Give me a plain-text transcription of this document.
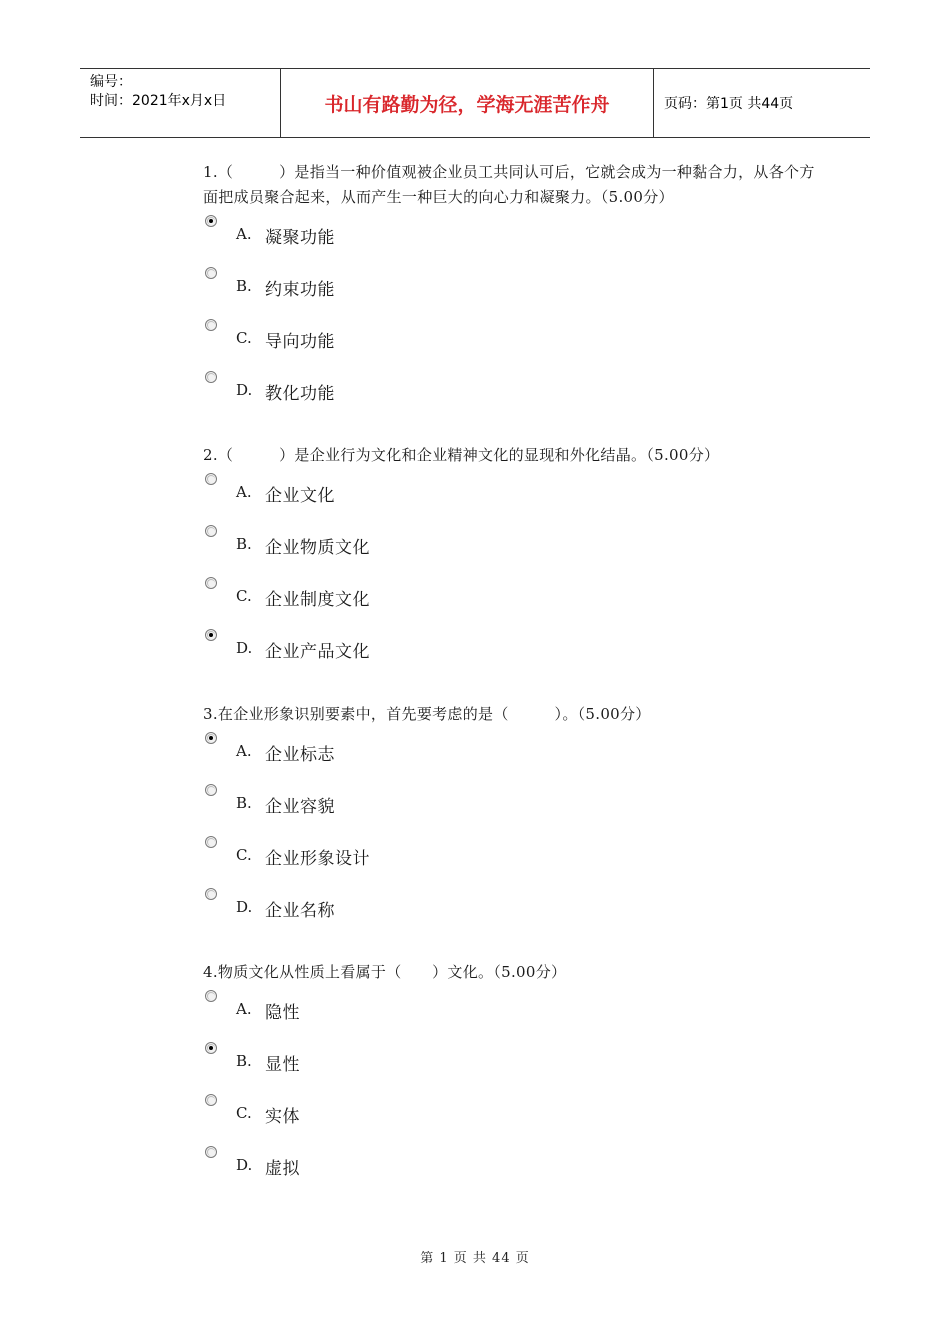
编号：
时间：2021年x月x日	书山有路勤为径，学海无涯苦作舟	页码：第1页 共44页
1.（　　　）是指当一种价值观被企业员工共同认可后，它就会成为一种黏合力，从各个方面把成员聚合起来，从而产生一种巨大的向心力和凝聚力。（5.00分）
A. 凝聚功能
B. 约束功能
C. 导向功能
D. 教化功能
2.（　　　）是企业行为文化和企业精神文化的显现和外化结晶。（5.00分）
A. 企业文化
B. 企业物质文化
C. 企业制度文化
D. 企业产品文化
3.在企业形象识别要素中，首先要考虑的是（　　　）。（5.00分）
A. 企业标志
B. 企业容貌
C. 企业形象设计
D. 企业名称
4.物质文化从性质上看属于（　　）文化。（5.00分）
A. 隐性
B. 显性
C. 实体
D. 虚拟
第 1 页 共 44 页
